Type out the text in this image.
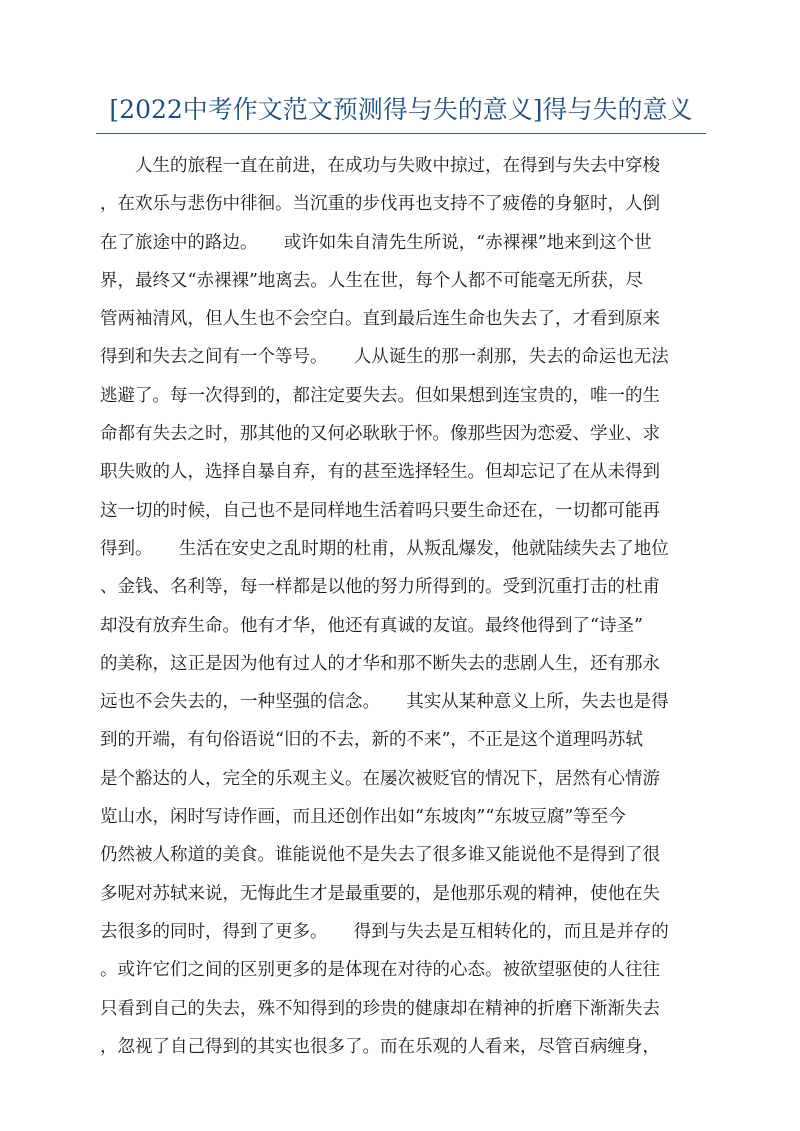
[2022中考作文范文预测得与失的意义]得与失的意义
　　人生的旅程一直在前进，在成功与失败中掠过，在得到与失去中穿梭
，在欢乐与悲伤中徘徊。当沉重的步伐再也支持不了疲倦的身躯时，人倒
在了旅途中的路边。　　或许如朱自清先生所说，“赤裸裸”地来到这个世
界，最终又“赤裸裸”地离去。人生在世，每个人都不可能毫无所获，尽
管两袖清风，但人生也不会空白。直到最后连生命也失去了，才看到原来
得到和失去之间有一个等号。　　人从诞生的那一刹那，失去的命运也无法
逃避了。每一次得到的，都注定要失去。但如果想到连宝贵的，唯一的生
命都有失去之时，那其他的又何必耿耿于怀。像那些因为恋爱、学业、求
职失败的人，选择自暴自弃，有的甚至选择轻生。但却忘记了在从未得到
这一切的时候，自己也不是同样地生活着吗只要生命还在，一切都可能再
得到。　　生活在安史之乱时期的杜甫，从叛乱爆发，他就陆续失去了地位
、金钱、名利等，每一样都是以他的努力所得到的。受到沉重打击的杜甫
却没有放弃生命。他有才华，他还有真诚的友谊。最终他得到了“诗圣”
的美称，这正是因为他有过人的才华和那不断失去的悲剧人生，还有那永
远也不会失去的，一种坚强的信念。　　其实从某种意义上所，失去也是得
到的开端，有句俗语说“旧的不去，新的不来”，不正是这个道理吗苏轼
是个豁达的人，完全的乐观主义。在屡次被贬官的情况下，居然有心情游
览山水，闲时写诗作画，而且还创作出如“东坡肉”“东坡豆腐”等至今
仍然被人称道的美食。谁能说他不是失去了很多谁又能说他不是得到了很
多呢对苏轼来说，无悔此生才是最重要的，是他那乐观的精神，使他在失
去很多的同时，得到了更多。　　得到与失去是互相转化的，而且是并存的
。或许它们之间的区别更多的是体现在对待的心态。被欲望驱使的人往往
只看到自己的失去，殊不知得到的珍贵的健康却在精神的折磨下渐渐失去
，忽视了自己得到的其实也很多了。而在乐观的人看来，尽管百病缠身，
